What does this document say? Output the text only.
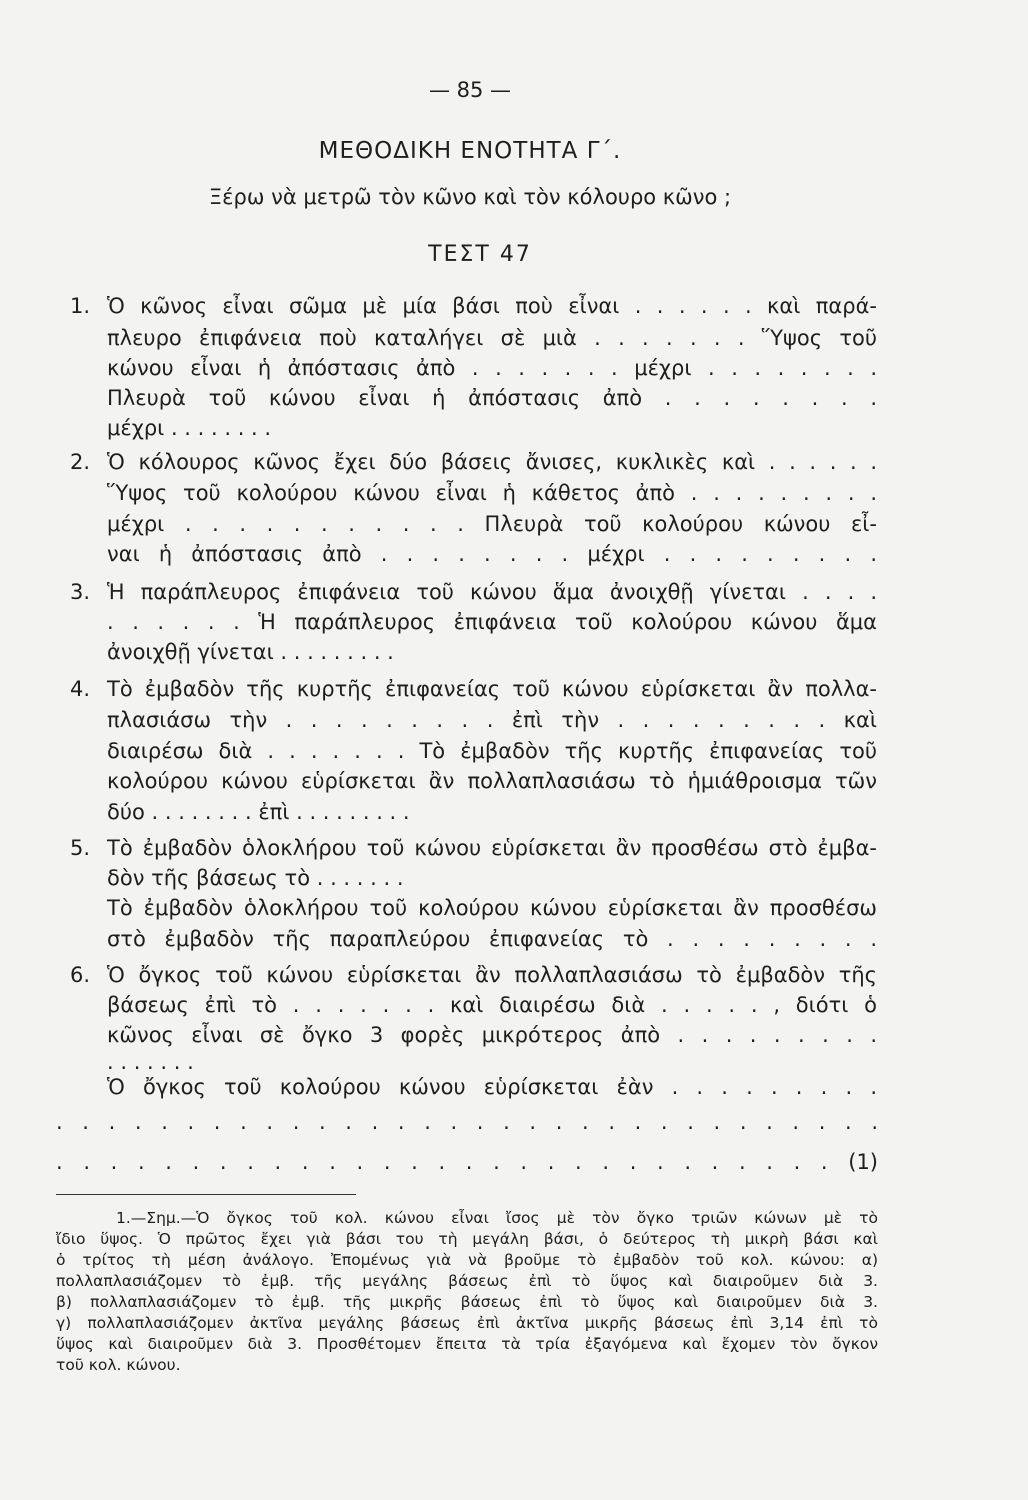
— 85 —
ΜΕΘΟΔΙΚΗ ΕΝΟΤΗΤΑ Γ΄.
Ξέρω νὰ μετρῶ τὸν κῶνο καὶ τὸν κόλουρο κῶνο ;
ΤΕΣΤ 47
1. Ὁ κῶνος εἶναι σῶμα μὲ μία βάσι ποὺ εἶναι . . . . . . καὶ παρά-
πλευρο ἐπιφάνεια ποὺ καταλήγει σὲ μιὰ . . . . . . . Ὕψος τοῦ
κώνου εἶναι ἡ ἀπόστασις ἀπὸ . . . . . . . μέχρι . . . . . . . .
Πλευρὰ τοῦ κώνου εἶναι ἡ ἀπόστασις ἀπὸ . . . . . . . .
μέχρι . . . . . . . .
2. Ὁ κόλουρος κῶνος ἔχει δύο βάσεις ἄνισες, κυκλικὲς καὶ . . . . . .
Ὕψος τοῦ κολούρου κώνου εἶναι ἡ κάθετος ἀπὸ . . . . . . . . .
μέχρι . . . . . . . . . . . Πλευρὰ τοῦ κολούρου κώνου εἶ-
ναι ἡ ἀπόστασις ἀπὸ . . . . . . . . μέχρι . . . . . . . . .
3. Ἡ παράπλευρος ἐπιφάνεια τοῦ κώνου ἅμα ἀνοιχθῇ γίνεται . . . .
. . . . . . Ἡ παράπλευρος ἐπιφάνεια τοῦ κολούρου κώνου ἅμα
ἀνοιχθῇ γίνεται . . . . . . . . .
4. Τὸ ἐμβαδὸν τῆς κυρτῆς ἐπιφανείας τοῦ κώνου εὑρίσκεται ἂν πολλα-
πλασιάσω τὴν . . . . . . . . . ἐπὶ τὴν . . . . . . . . . καὶ
διαιρέσω διὰ . . . . . . . Τὸ ἐμβαδὸν τῆς κυρτῆς ἐπιφανείας τοῦ
κολούρου κώνου εὑρίσκεται ἂν πολλαπλασιάσω τὸ ἡμιάθροισμα τῶν
δύο . . . . . . . . ἐπὶ . . . . . . . . .
5. Τὸ ἐμβαδὸν ὁλοκλήρου τοῦ κώνου εὑρίσκεται ἂν προσθέσω στὸ ἐμβα-
δὸν τῆς βάσεως τὸ . . . . . . .
Τὸ ἐμβαδὸν ὁλοκλήρου τοῦ κολούρου κώνου εὑρίσκεται ἂν προσθέσω
στὸ ἐμβαδὸν τῆς παραπλεύρου ἐπιφανείας τὸ . . . . . . . . .
6. Ὁ ὄγκος τοῦ κώνου εὑρίσκεται ἂν πολλαπλασιάσω τὸ ἐμβαδὸν τῆς
βάσεως ἐπὶ τὸ . . . . . . . καὶ διαιρέσω διὰ . . . . . , διότι ὁ
κῶνος εἶναι σὲ ὄγκο 3 φορὲς μικρότερος ἀπὸ . . . . . . . . .
. . . . . . .
Ὁ ὄγκος τοῦ κολούρου κώνου εὑρίσκεται ἐὰν . . . . . . . . .
. . . . . . . . . . . . . . . . . . . . . . . . . . . . . . . .
. . . . . . . . . . . . . . . . . . . . . . . . . . . . . (1)
1.—Σημ.—Ὁ ὄγκος τοῦ κολ. κώνου εἶναι ἴσος μὲ τὸν ὄγκο τριῶν κώνων μὲ τὸ
ἴδιο ὕψος. Ὁ πρῶτος ἔχει γιὰ βάσι του τὴ μεγάλη βάσι, ὁ δεύτερος τὴ μικρὴ βάσι καὶ
ὁ τρίτος τὴ μέση ἀνάλογο. Ἐπομένως γιὰ νὰ βροῦμε τὸ ἐμβαδὸν τοῦ κολ. κώνου: α)
πολλαπλασιάζομεν τὸ ἐμβ. τῆς μεγάλης βάσεως ἐπὶ τὸ ὕψος καὶ διαιροῦμεν διὰ 3.
β) πολλαπλασιάζομεν τὸ ἐμβ. τῆς μικρῆς βάσεως ἐπὶ τὸ ὕψος καὶ διαιροῦμεν διὰ 3.
γ) πολλαπλασιάζομεν ἀκτῖνα μεγάλης βάσεως ἐπὶ ἀκτῖνα μικρῆς βάσεως ἐπὶ 3,14 ἐπὶ τὸ
ὕψος καὶ διαιροῦμεν διὰ 3. Προσθέτομεν ἔπειτα τὰ τρία ἐξαγόμενα καὶ ἔχομεν τὸν ὄγκον
τοῦ κολ. κώνου.
